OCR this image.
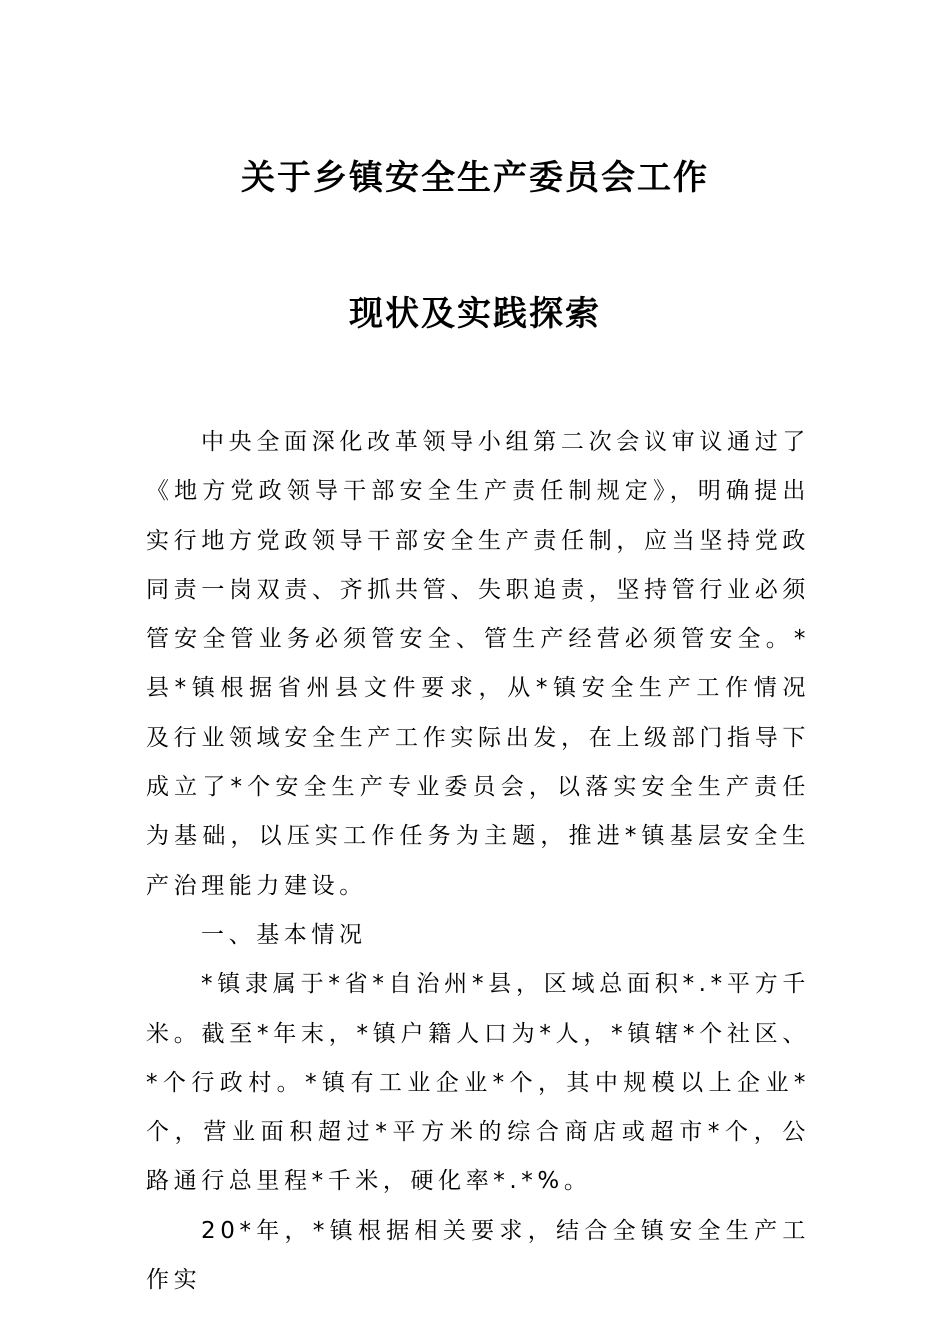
关于乡镇安全生产委员会工作
现状及实践探索

中央全面深化改革领导小组第二次会议审议通过了《地方党政领导干部安全生产责任制规定》，明确提出实行地方党政领导干部安全生产责任制，应当坚持党政同责一岗双责、齐抓共管、失职追责，坚持管行业必须管安全管业务必须管安全、管生产经营必须管安全。*县*镇根据省州县文件要求，从*镇安全生产工作情况及行业领域安全生产工作实际出发，在上级部门指导下成立了*个安全生产专业委员会，以落实安全生产责任为基础，以压实工作任务为主题，推进*镇基层安全生产治理能力建设。

一、基本情况

*镇隶属于*省*自治州*县，区域总面积*.*平方千米。截至*年末，*镇户籍人口为*人，*镇辖*个社区、*个行政村。*镇有工业企业*个，其中规模以上企业*个，营业面积超过*平方米的综合商店或超市*个，公路通行总里程*千米，硬化率*.*%。

20*年，*镇根据相关要求，结合全镇安全生产工作实
